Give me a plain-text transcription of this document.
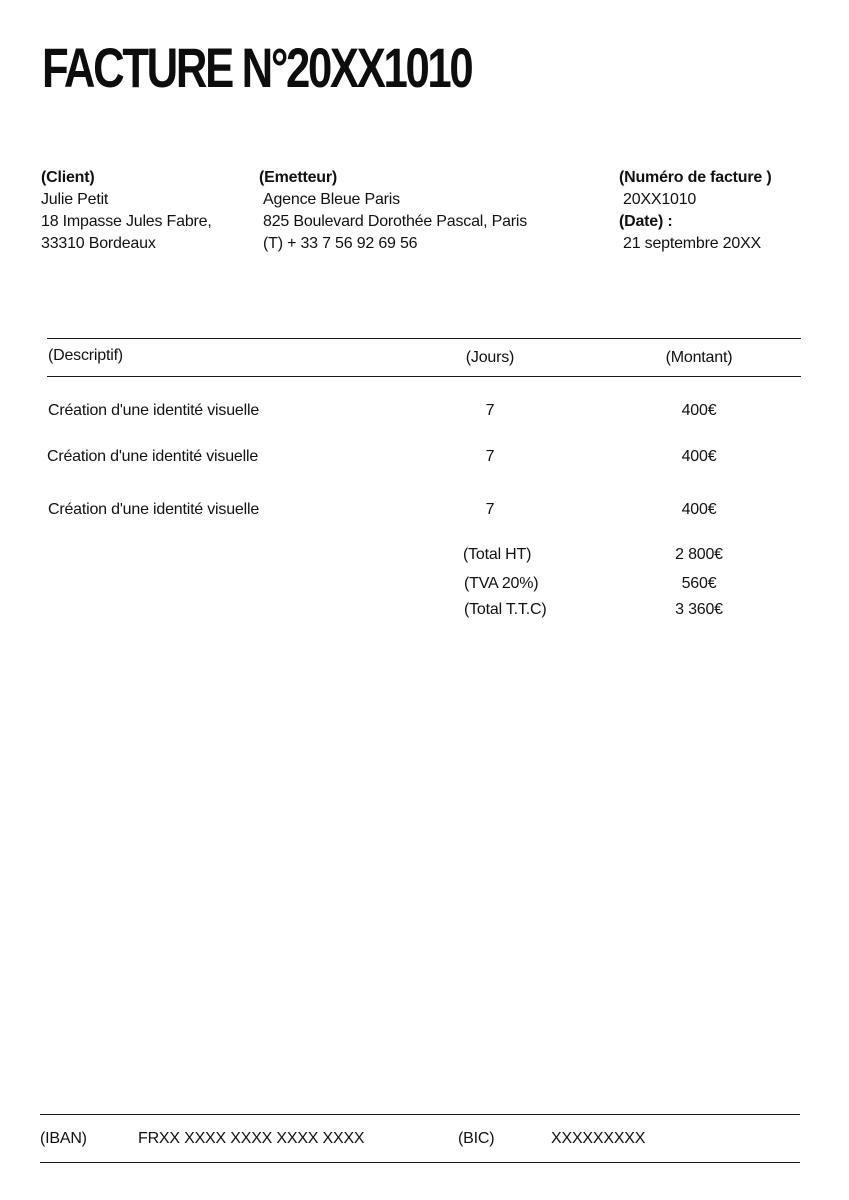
FACTURE N°20XX1010
(Client)
Julie Petit
18 Impasse Jules Fabre,
33310 Bordeaux
(Emetteur)
Agence Bleue Paris
825 Boulevard Dorothée Pascal, Paris
(T) + 33 7 56 92 69 56
(Numéro de facture )
20XX1010
(Date) :
21 septembre 20XX
(Descriptif)	(Jours)	(Montant)
Création d'une identité visuelle	7	400€
Création d'une identité visuelle	7	400€
Création d'une identité visuelle	7	400€
(Total HT)	2 800€
(TVA 20%)	560€
(Total T.T.C)	3 360€
(IBAN)	FRXX XXXX XXXX XXXX XXXX	(BIC)	XXXXXXXXX
